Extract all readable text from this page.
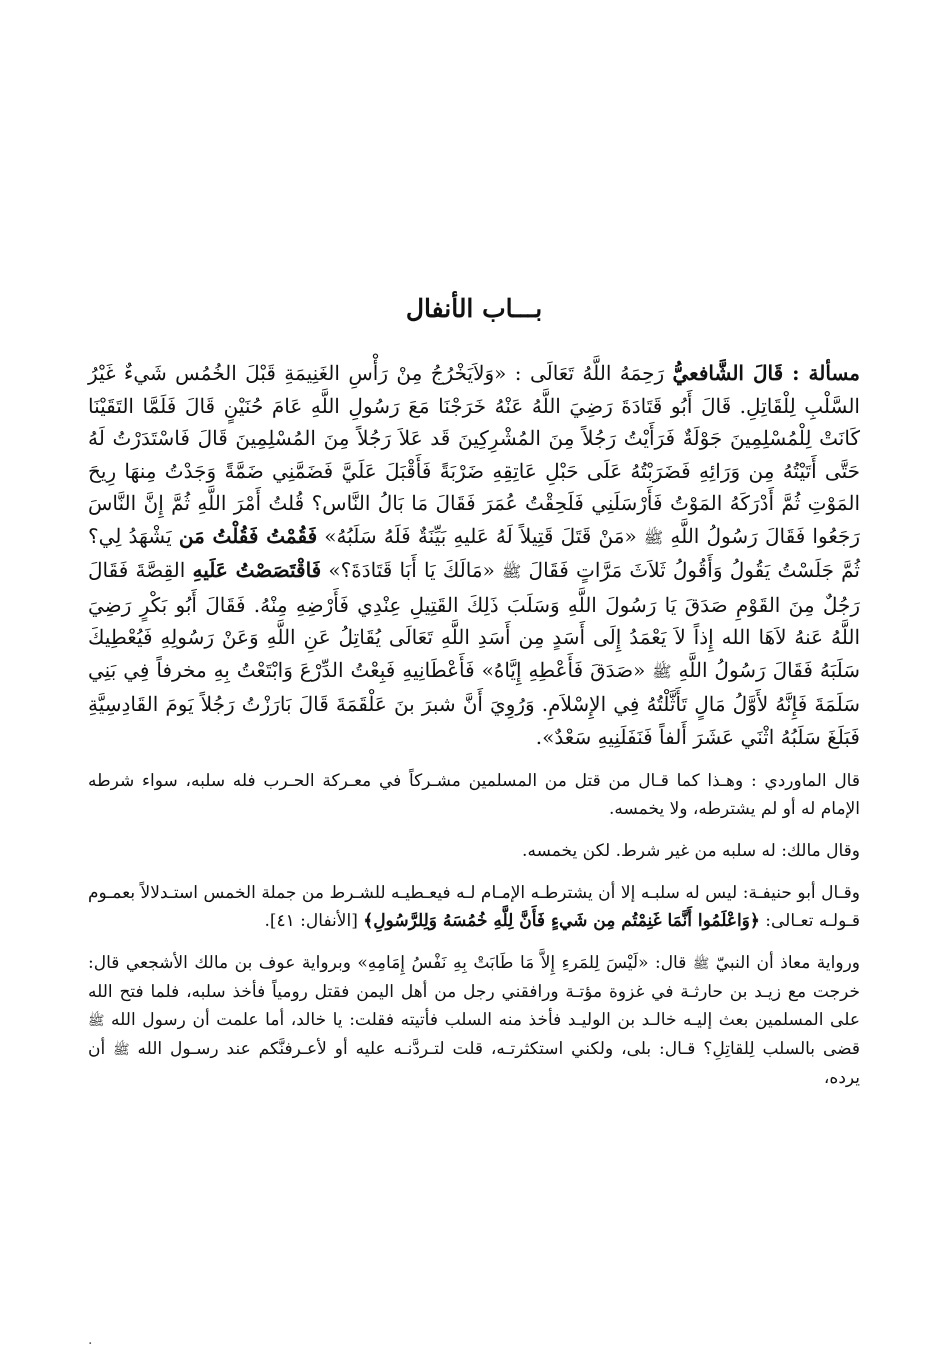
بـــاب الأنفال

مسألة : قَالَ الشَّافعيُّ رَحِمَهُ اللَّهُ تَعَالَى : «وَلاَيَخْرُجُ مِنْ رَأْسِ الغَنِيمَةِ قَبْلَ الخُمُس شَيءٌ غَيْرُ السَّلْبِ لِلْقَاتِلِ. قَالَ أَبُو قَتَادَةَ رَضِيَ اللَّهُ عَنْهُ خَرَجْنَا مَعَ رَسُولِ اللَّهِ عَامَ حُنَيْنٍ قَالَ فَلَمَّا التَقَيْنَا كَانَتْ لِلْمُسْلِمِينَ جَوْلَةٌ فَرَأَيْتُ رَجُلاً مِنَ المُشْرِكِينَ قَد عَلاَ رَجُلاً مِنَ المُسْلِمِينَ قَالَ فَاسْتَدَرْتُ لَهُ حَتَّى أَتَيْتُهُ مِن وَرَائِهِ فَضَرَبْتُهُ عَلَى حَبْلِ عَاتِقِهِ ضَرْبَةً فَأَقْبَلَ عَلَيَّ فَضَمَّنِي ضَمَّةً وَجَدْتُ مِنهَا رِيحَ المَوْتِ ثُمَّ أَدْرَكَهُ المَوْتُ فَأَرْسَلَنِي فَلَحِقْتُ عُمَرَ فَقَالَ مَا بَالُ النَّاس؟ قُلتُ أَمْرَ اللَّهِ ثُمَّ إِنَّ النَّاسَ رَجَعُوا فَقَالَ رَسُولُ اللَّهِ ﷺ «مَنْ قَتَلَ قَتِيلاً لَهُ عَليهِ بَيِّنَةٌ فَلَهُ سَلَبُهُ» فَقُمْتُ فَقُلْتُ مَن يَشْهَدُ لِي؟ ثُمَّ جَلَسْتُ يَقُولُ وَأَقُولُ ثَلاَثَ مَرَّاتٍ فَقَالَ ﷺ «مَالَكَ يَا أَبَا قَتَادَةَ؟» فَاقْتَصَصْتُ عَلَيهِ القِصَّةَ فَقَالَ رَجُلٌ مِنَ القَوْمِ صَدَقَ يَا رَسُولَ اللَّهِ وَسَلَبَ ذَلِكَ القَتِيلِ عِنْدِي فَأَرْضِهِ مِنْهُ. فَقَالَ أَبُو بَكْرٍ رَضِيَ اللَّهُ عَنهُ لاَهَا الله إِذاً لاَ يَعْمَدُ إِلَى أَسَدٍ مِن أَسَدِ اللَّهِ تَعَالَى يُقَاتِلُ عَنِ اللَّهِ وَعَنْ رَسُولِهِ فَيُعْطِيكَ سَلَبَهُ فَقَالَ رَسُولُ اللَّهِ ﷺ «صَدَقَ فَأَعْطِهِ إِيَّاهُ» فَأَعْطَانِيهِ فَبِعْتُ الدِّرْعَ وَابْتَعْتُ بِهِ مخرفاً فِي بَنِي سَلَمَةَ فَإِنَّهُ لأَوَّلُ مَالٍ تَأَثَّلْتُهُ فِي الإِسْلاَمِ. وَرُوِيَ أَنَّ شبرَ بنَ عَلْقَمَةَ قَالَ بَارَزْتُ رَجُلاً يَومَ القَادِسِيَّةِ فَبَلَغَ سَلَبُهُ اثْنَي عَشَرَ أَلفاً فَنَفَلَنِيهِ سَعْدٌ».

قال الماوردي : وهـذا كما قـال من قتل من المسلمين مشـركاً في معـركة الحـرب فله سلبه، سواء شرطه الإمام له أو لم يشترطه، ولا يخمسه.

وقال مالك: له سلبه من غير شرط. لكن يخمسه.

وقـال أبو حنيفـة: ليس له سلبـه إلا أن يشترطـه الإمـام لـه فيعـطيـه للشـرط من جملة الخمس استـدلالاً بعمـوم قـولـه تعـالى: ﴿وَاعْلَمُوا أَنَّمَا غَنِمْتُم مِن شَيءٍ فَأَنَّ لِلَّهِ خُمُسَهُ وَلِلرَّسُولِ﴾ [الأنفال: ٤١].

ورواية معاذ أن النبيّ ﷺ قال: «لَيْسَ لِلمَرءِ إِلاَّ مَا طَابَتْ بِهِ نَفْسُ إِمَامِهِ» وبرواية عوف بن مالك الأشجعي قال: خرجت مع زيـد بن حارثـة في غزوة مؤتـة ورافقني رجل من أهل اليمن فقتل رومياً فأخذ سلبه، فلما فتح الله على المسلمين بعث إليـه خالـد بن الوليـد فأخذ منه السلب فأتيته فقلت: يا خالد، أما علمت أن رسول الله ﷺ قضى بالسلب لِلقاتِلِ؟ قـال: بلى، ولكني استكثرتـه، قلت لتـردَّنـه عليه أو لأعـرفنَّكم عند رسـول الله ﷺ أن يرده،

.
